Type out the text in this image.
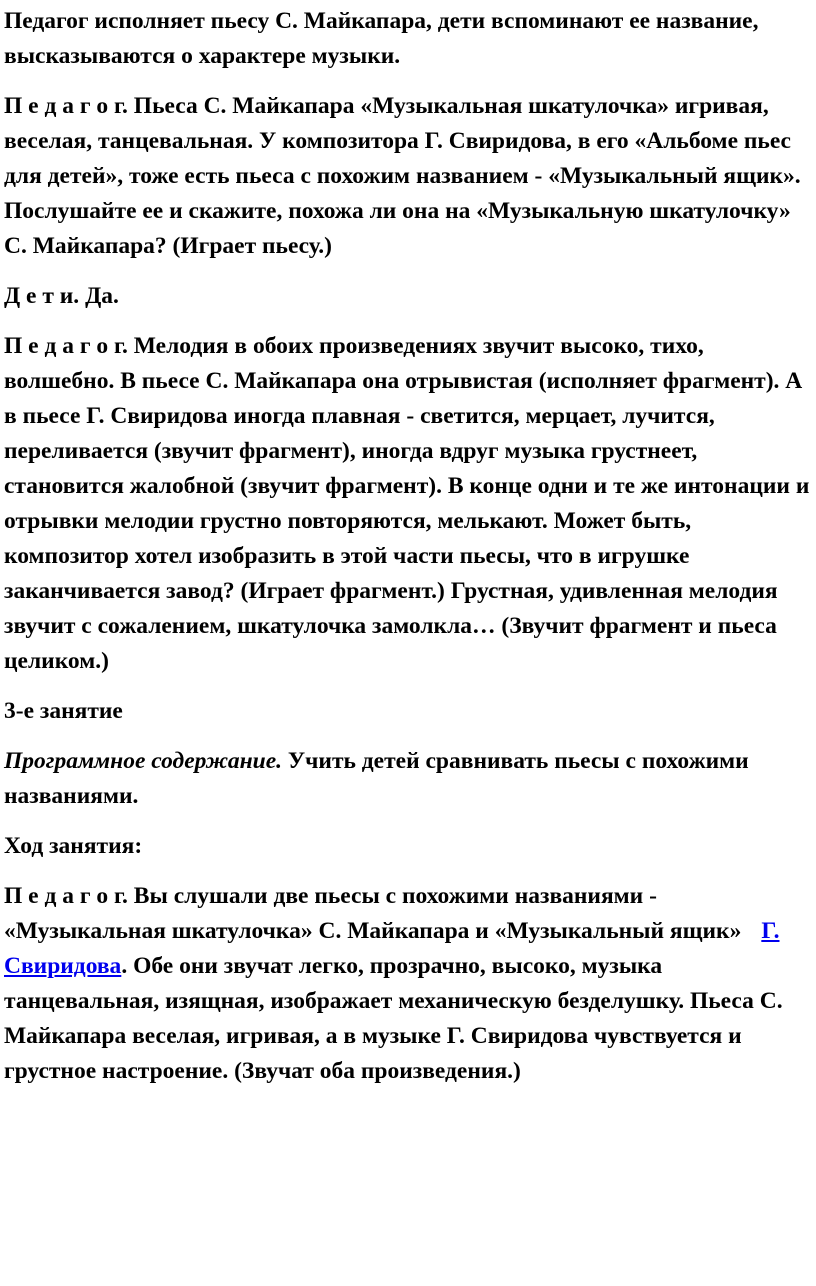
Педагог исполняет пьесу С. Майкапара, дети вспоминают ее название, высказываются о характере музыки.

П е д а г о г. Пьеса С. Майкапара «Музыкальная шкатулочка» игривая, веселая, танцевальная. У композитора Г. Свиридова, в его «Альбоме пьес для детей», тоже есть пьеса с похожим названием - «Музыкальный ящик». Послушайте ее и скажите, похожа ли она на «Музыкальную шкатулочку» С. Майкапара? (Играет пьесу.)

Д е т и. Да.

П е д а г о г. Мелодия в обоих произведениях звучит высоко, тихо, волшебно. В пьесе С. Майкапара она отрывистая (исполняет фрагмент). А в пьесе Г. Свиридова иногда плавная - светится, мерцает, лучится, переливается (звучит фрагмент), иногда вдруг музыка грустнеет, становится жалобной (звучит фрагмент). В конце одни и те же интонации и отрывки мелодии грустно повторяются, мелькают. Может быть, композитор хотел изобразить в этой части пьесы, что в игрушке заканчивается завод? (Играет фрагмент.) Грустная, удивленная мелодия звучит с сожалением, шкатулочка замолкла… (Звучит фрагмент и пьеса целиком.)

3-е занятие

Программное содержание. Учить детей сравнивать пьесы с похожими названиями.

Ход занятия:

П е д а г о г. Вы слушали две пьесы с похожими названиями - «Музыкальная шкатулочка» С. Майкапара и «Музыкальный ящик» Г. Свиридова. Обе они звучат легко, прозрачно, высоко, музыка танцевальная, изящная, изображает механическую безделушку. Пьеса С. Майкапара веселая, игривая, а в музыке Г. Свиридова чувствуется и грустное настроение. (Звучат оба произведения.)
